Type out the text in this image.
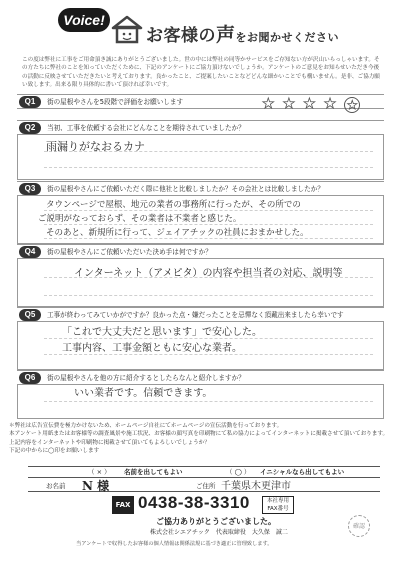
Voice!
お客様の声をお聞かせください
この度は弊社に工事をご用命頂き誠にありがとうございました。世の中には弊社の同等かサービスをご存知ない方が沢山いらっしゃいます。その方たちに弊社のことを知っていただくために、下記のアンケートにご協力頂けないでしょうか。アンケートのご意見をお知らせいただき今後の活動に反映させていただきたいと考えております。良かったこと、ご提案したいことなどどんな細かいことでも構いません。是非、ご協力願い致します。出来る限り具体的に書いて頂ければ幸いです。
Q1	街の屋根やさんを5段階で評価をお願いします	★ ★ ★ ★ ★
Q2	当初、工事を依頼する会社にどんなことを期待されていましたか？
雨漏りがなおるカナ
Q3	街の屋根やさんにご依頼いただく際に他社と比較しましたか？その会社とは比較しましたか？
タウンページで屋根、地元の業者の事務所に行ったが、その所での
ご説明がなっておらず、その業者は不業者と感じた。
そのあと、新規所に行って、ジェイアチックの社員におまかせした。
Q4	街の屋根やさんにご依頼いただいた決め手は何ですか？
インターネット（アメピタ）の内容や担当者の対応、説明等
Q5	工事が終わってみていかがですか？良かった点・嫌だったことを忌憚なく頂戴出来ましたら幸いです
「これで大丈夫だと思います」で安心した。
工事内容、工事金額ともに安心な業者。
Q6	街の屋根やさんを他の方に紹介するとしたらなんと紹介しますか？
いい業者です。信頼できます。
＊弊社は広告宣伝費を極力かけないため、ホームページ自社にてホームページの宣伝活動を行っております。
本アンケート用紙またはお客様等の調査風景や施工状況、お客様の顔写真を印刷物にて私の協力によってインターネットに掲載させて頂いております。
上記内容をインターネットや印刷物に掲載させて頂いてもよろしいでしょうか？
下記の中からに◯印をお願いします
（ × ） 名前を出してもよい	（ ◯ ） イニシャルなら出してもよい
お名前 N 様	ご住所 千葉県木更津市
FAX 0438-38-3310	本社専用
FAX番号
ご協力ありがとうございました。
株式会社シエアチック　代表取締役　大久保　誠二
当アンケートで収得したお客様の個人情報は関係法規に基づき適正に管理致します。
確認
